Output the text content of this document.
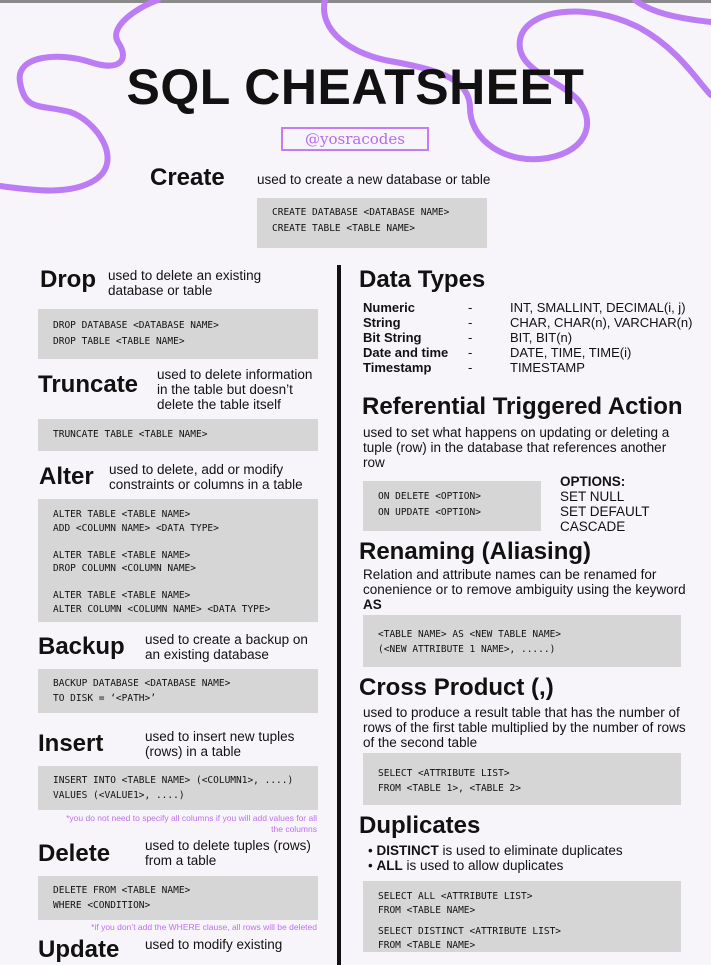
SQL CHEATSHEET
@yosracodes
Create used to create a new database or table

CREATE DATABASE <DATABASE NAME>
CREATE TABLE <TABLE NAME>
Drop used to delete an existing database or table

DROP DATABASE <DATABASE NAME>
DROP TABLE <TABLE NAME>
Truncate used to delete information in the table but doesn’t delete the table itself

TRUNCATE TABLE <TABLE NAME>
Alter used to delete, add or modify constraints or columns in a table

ALTER TABLE <TABLE NAME>
ADD <COLUMN NAME> <DATA TYPE>
ALTER TABLE <TABLE NAME>
DROP COLUMN <COLUMN NAME>
ALTER TABLE <TABLE NAME>
ALTER COLUMN <COLUMN NAME> <DATA TYPE>
Backup used to create a backup on an existing database

BACKUP DATABASE <DATABASE NAME>
TO DISK = ‘<PATH>’
Insert	used to insert new tuples (rows) in a table

INSERT INTO <TABLE NAME> (<COLUMN1>, ....)
VALUES (<VALUE1>, ....)
*you do not need to specify all columns if you will add values for all the columns
Delete	used to delete tuples (rows) from a table

DELETE FROM <TABLE NAME>
WHERE <CONDITION>
*if you don’t add the WHERE clause, all rows will be deleted
Update used to modify existing

Data Types
Numeric	-	INT, SMALLINT, DECIMAL(i, j)
String	-	CHAR, CHAR(n), VARCHAR(n)
Bit String	-	BIT, BIT(n)
Date and time -	DATE, TIME, TIME(i)
Timestamp	-	TIMESTAMP
Referential Triggered Action

used to set what happens on updating or deleting a tuple (row) in the database that references another row

ON DELETE <OPTION>
ON UPDATE <OPTION>
OPTIONS:
SET NULL
SET DEFAULT
CASCADE
Renaming (Aliasing)

Relation and attribute names can be renamed for conenience or to remove ambiguity using the keyword AS

<TABLE NAME> AS <NEW TABLE NAME>
(<NEW ATTRIBUTE 1 NAME>, .....)
Cross Product (,)

used to produce a result table that has the number of rows of the first table multiplied by the number of rows of the second table

SELECT <ATTRIBUTE LIST>
FROM <TABLE 1>, <TABLE 2>
Duplicates
• DISTINCT is used to eliminate duplicates
• ALL is used to allow duplicates
SELECT ALL <ATTRIBUTE LIST>
FROM <TABLE NAME>
SELECT DISTINCT <ATTRIBUTE LIST>
FROM <TABLE NAME>
